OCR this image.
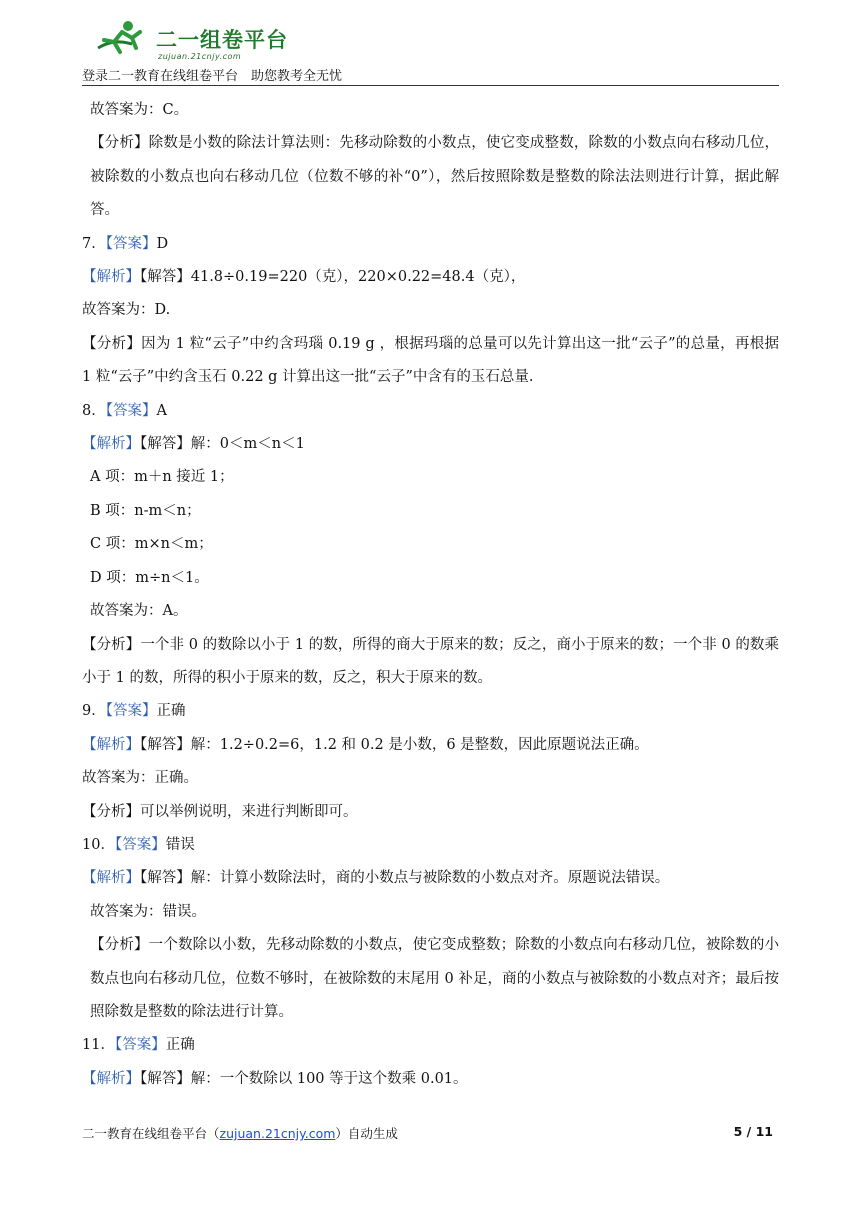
二一组卷平台
zujuan.21cnjy.com
登录二一教育在线组卷平台　助您教考全无忧

故答案为：C。

【分析】除数是小数的除法计算法则：先移动除数的小数点，使它变成整数，除数的小数点向右移动几位，被除数的小数点也向右移动几位（位数不够的补“0”），然后按照除数是整数的除法法则进行计算，据此解答。

7．【答案】D

【解析】【解答】41.8÷0.19=220（克），220×0.22=48.4（克），

故答案为：D.

【分析】因为 1 粒“云子”中约含玛瑙 0.19 g ，根据玛瑙的总量可以先计算出这一批“云子”的总量，再根据 1 粒“云子”中约含玉石 0.22 g 计算出这一批“云子”中含有的玉石总量.

8．【答案】A

【解析】【解答】解：0＜m＜n＜1

A 项：m＋n 接近 1；

B 项：n-m＜n；

C 项：m×n＜m；

D 项：m÷n＜1。

故答案为：A。

【分析】一个非 0 的数除以小于 1 的数，所得的商大于原来的数；反之，商小于原来的数；一个非 0 的数乘小于 1 的数，所得的积小于原来的数，反之，积大于原来的数。

9．【答案】正确

【解析】【解答】解：1.2÷0.2=6，1.2 和 0.2 是小数，6 是整数，因此原题说法正确。

故答案为：正确。

【分析】可以举例说明，来进行判断即可。

10．【答案】错误

【解析】【解答】解：计算小数除法时，商的小数点与被除数的小数点对齐。原题说法错误。

故答案为：错误。

【分析】一个数除以小数，先移动除数的小数点，使它变成整数；除数的小数点向右移动几位，被除数的小数点也向右移动几位，位数不够时，在被除数的末尾用 0 补足，商的小数点与被除数的小数点对齐；最后按照除数是整数的除法进行计算。

11．【答案】正确

【解析】【解答】解：一个数除以 100 等于这个数乘 0.01。

二一教育在线组卷平台（zujuan.21cnjy.com）自动生成	5 / 11
